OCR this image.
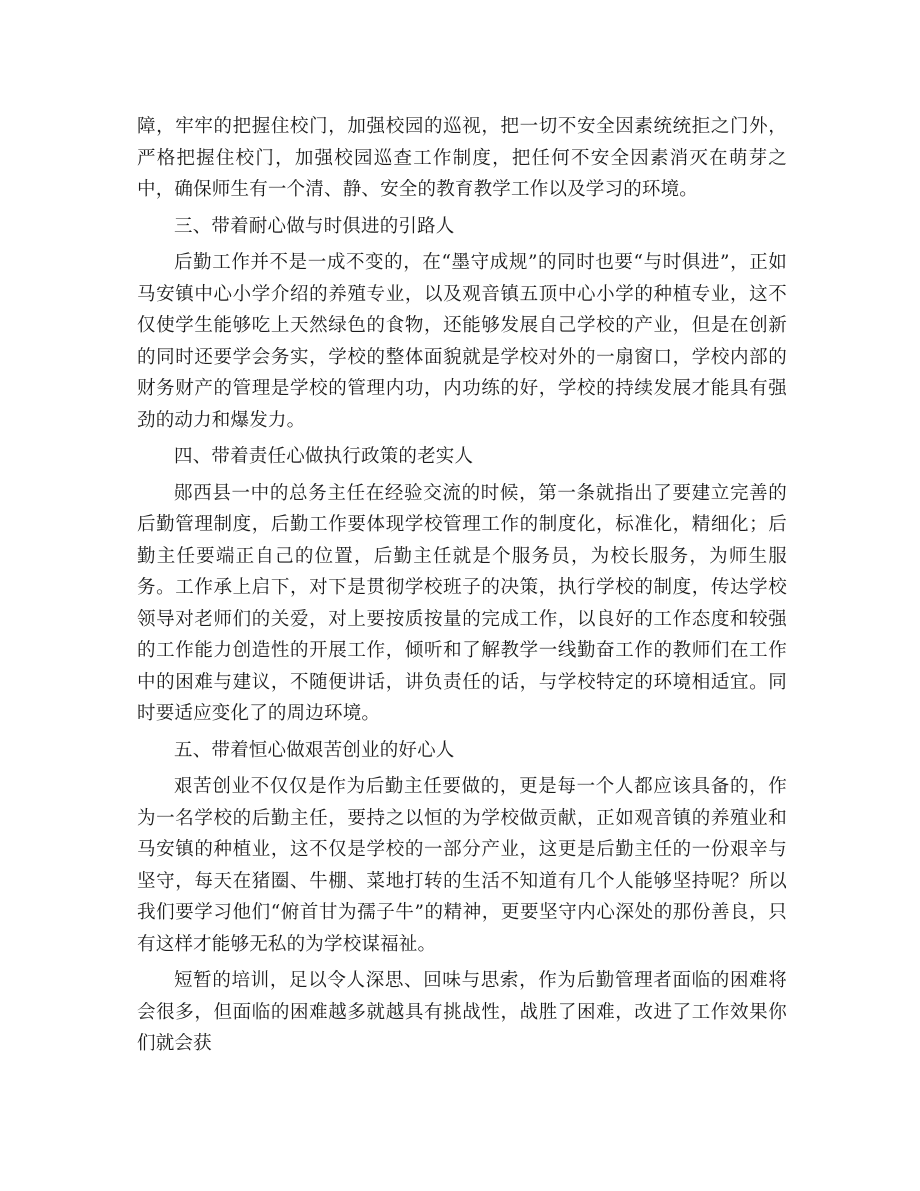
障，牢牢的把握住校门，加强校园的巡视，把一切不安全因素统统拒之门外，严格把握住校门，加强校园巡查工作制度，把任何不安全因素消灭在萌芽之中，确保师生有一个清、静、安全的教育教学工作以及学习的环境。

三、带着耐心做与时俱进的引路人

后勤工作并不是一成不变的，在“墨守成规”的同时也要“与时俱进”，正如马安镇中心小学介绍的养殖专业，以及观音镇五顶中心小学的种植专业，这不仅使学生能够吃上天然绿色的食物，还能够发展自己学校的产业，但是在创新的同时还要学会务实，学校的整体面貌就是学校对外的一扇窗口，学校内部的财务财产的管理是学校的管理内功，内功练的好，学校的持续发展才能具有强劲的动力和爆发力。

四、带着责任心做执行政策的老实人

郧西县一中的总务主任在经验交流的时候，第一条就指出了要建立完善的后勤管理制度，后勤工作要体现学校管理工作的制度化，标准化，精细化；后勤主任要端正自己的位置，后勤主任就是个服务员，为校长服务，为师生服务。工作承上启下，对下是贯彻学校班子的决策，执行学校的制度，传达学校领导对老师们的关爱，对上要按质按量的完成工作，以良好的工作态度和较强的工作能力创造性的开展工作，倾听和了解教学一线勤奋工作的教师们在工作中的困难与建议，不随便讲话，讲负责任的话，与学校特定的环境相适宜。同时要适应变化了的周边环境。

五、带着恒心做艰苦创业的好心人

艰苦创业不仅仅是作为后勤主任要做的，更是每一个人都应该具备的，作为一名学校的后勤主任，要持之以恒的为学校做贡献，正如观音镇的养殖业和马安镇的种植业，这不仅是学校的一部分产业，这更是后勤主任的一份艰辛与坚守，每天在猪圈、牛棚、菜地打转的生活不知道有几个人能够坚持呢？所以我们要学习他们“俯首甘为孺子牛”的精神，更要坚守内心深处的那份善良，只有这样才能够无私的为学校谋福祉。

短暂的培训，足以令人深思、回味与思索，作为后勤管理者面临的困难将会很多，但面临的困难越多就越具有挑战性，战胜了困难，改进了工作效果你们就会获
